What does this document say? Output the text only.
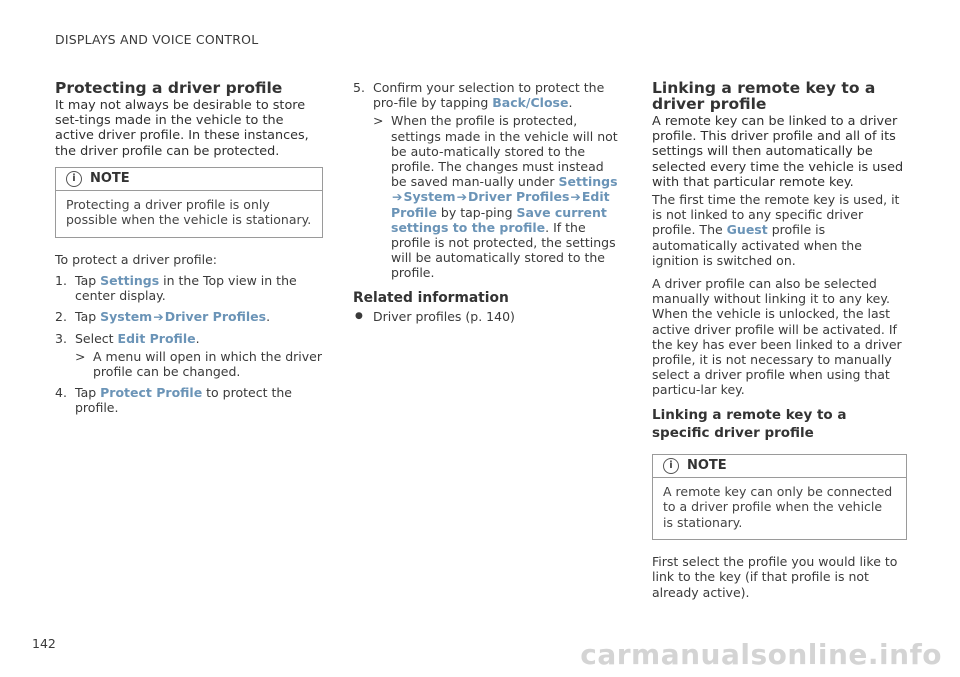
DISPLAYS AND VOICE CONTROL
Protecting a driver profile

It may not always be desirable to store set-tings made in the vehicle to the active driver profile. In these instances, the driver profile can be protected.

i	NOTE
Protecting a driver profile is only possible when the vehicle is stationary.

To protect a driver profile:

1. Tap Settings in the Top view in the center display.
2. Tap System➔Driver Profiles.
3. Select Edit Profile.
> A menu will open in which the driver profile can be changed.
4. Tap Protect Profile to protect the profile.
5. Confirm your selection to protect the pro-file by tapping Back/Close.
> When the profile is protected, settings made in the vehicle will not be auto-matically stored to the profile. The changes must instead be saved man-ually under Settings➔System➔Driver Profiles➔Edit Profile by tap-ping Save current settings to the profile. If the profile is not protected, the settings will be automatically stored to the profile.
Related information
● Driver profiles (p. 140)
Linking a remote key to a driver profile

A remote key can be linked to a driver profile. This driver profile and all of its settings will then automatically be selected every time the vehicle is used with that particular remote key.

The first time the remote key is used, it is not linked to any specific driver profile. The Guest profile is automatically activated when the ignition is switched on.

A driver profile can also be selected manually without linking it to any key. When the vehicle is unlocked, the last active driver profile will be activated. If the key has ever been linked to a driver profile, it is not necessary to manually select a driver profile when using that particu-lar key.

Linking a remote key to a specific driver profile
i	NOTE
A remote key can only be connected to a driver profile when the vehicle is stationary.

First select the profile you would like to link to the key (if that profile is not already active).

142	carmanualsonline.info
